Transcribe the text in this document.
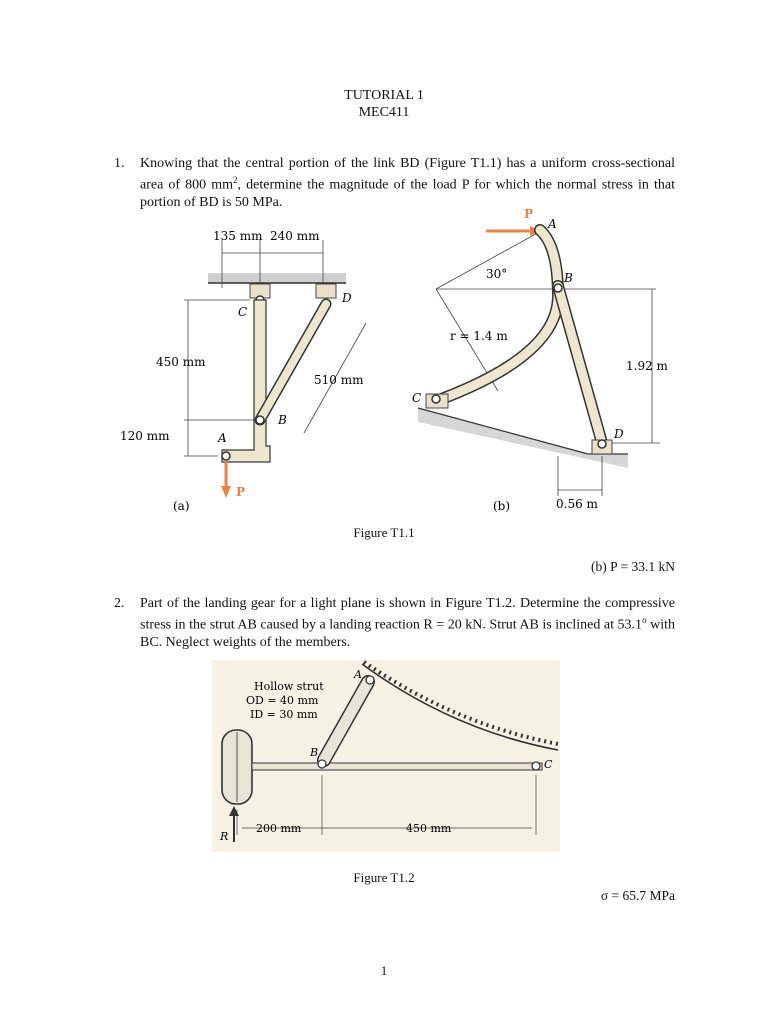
TUTORIAL 1
MEC411
1. Knowing that the central portion of the link BD (Figure T1.1) has a uniform cross-sectional area of 800 $mm^2$, determine the magnitude of the load P for which the normal stress in that portion of BD is 50 MPa.
135 mm 240 mm
450 mm
120 mm
510 mm
C
D
B
A
P
(a)
P
A
30°
r = 1.4 m
B
C
D
1.92 m
0.56 m
(b)
Figure T1.1
(b) P = 33.1 kN
2. Part of the landing gear for a light plane is shown in Figure T1.2. Determine the compressive stress in the strut AB caused by a landing reaction R = 20 kN. Strut AB is inclined at 53.1$^o$ with BC. Neglect weights of the members.
Hollow strut
OD = 40 mm
ID = 30 mm
A
B
C
R
200 mm	450 mm
Figure T1.2
σ = 65.7 MPa
1
